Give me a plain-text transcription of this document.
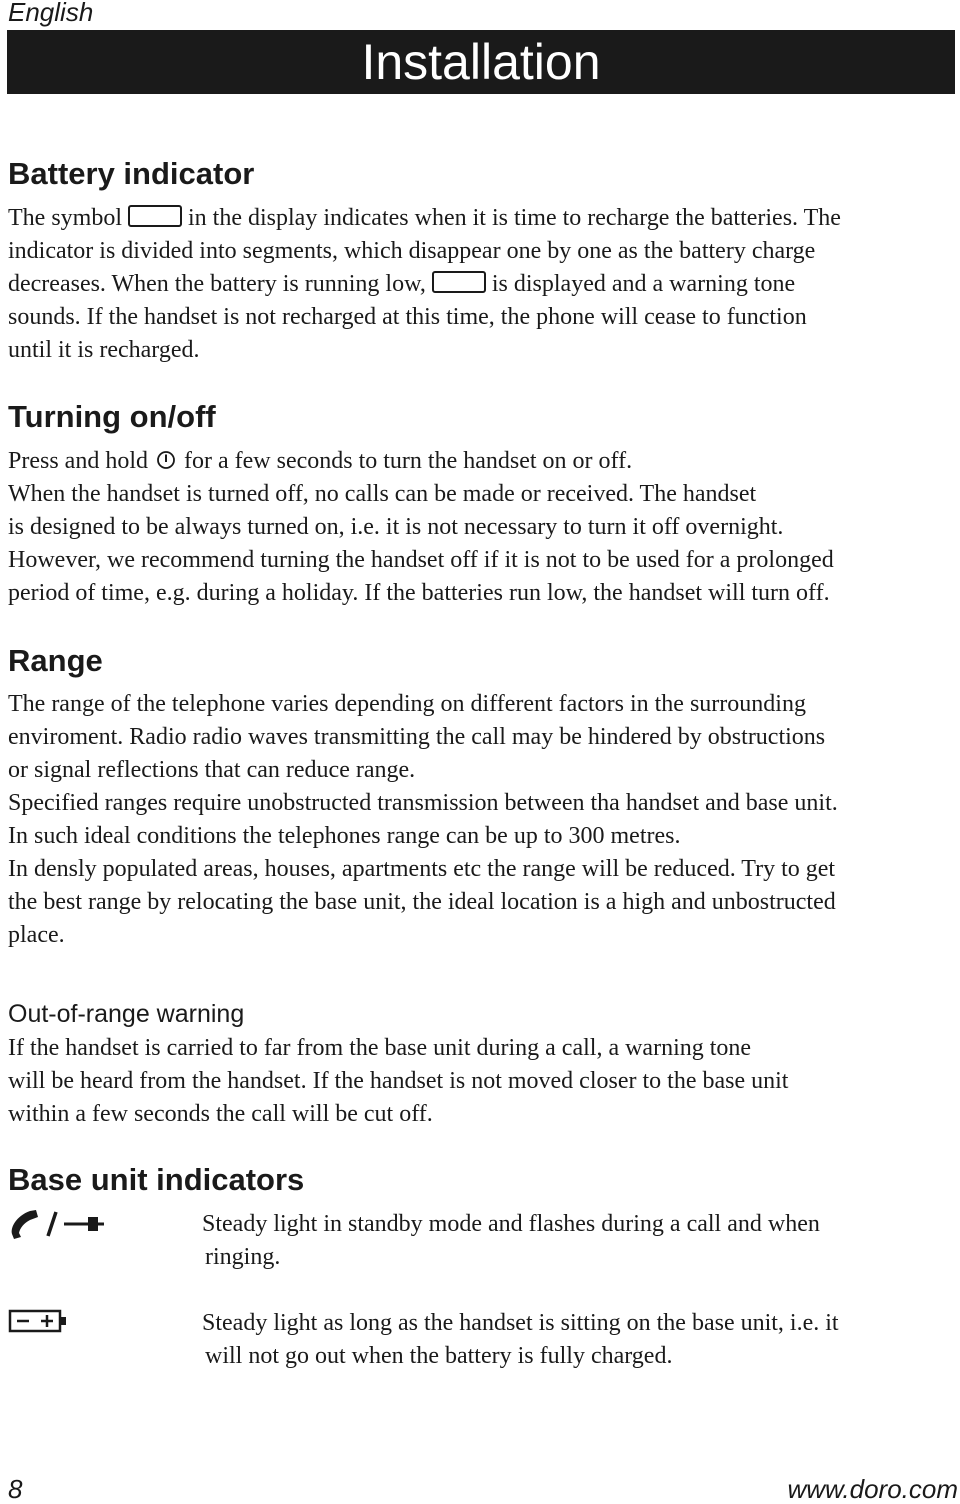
English
Installation
Battery indicator
The symbol	in the display indicates when it is time to recharge the batteries. The
indicator is divided into segments, which disappear one by one as the battery charge
decreases. When the battery is running low,	is displayed and a warning tone
sounds. If the handset is not recharged at this time, the phone will cease to function
until it is recharged.
Turning on/off
Press and hold for a few seconds to turn the handset on or off.
When the handset is turned off, no calls can be made or received. The handset
is designed to be always turned on, i.e. it is not necessary to turn it off overnight.
However, we recommend turning the handset off if it is not to be used for a prolonged
period of time, e.g. during a holiday. If the batteries run low, the handset will turn off.
Range
The range of the telephone varies depending on different factors in the surrounding
enviroment. Radio radio waves transmitting the call may be hindered by obstructions
or signal reflections that can reduce range.
Specified ranges require unobstructed transmission between tha handset and base unit.
In such ideal conditions the telephones range can be up to 300 metres.
In densly populated areas, houses, apartments etc the range will be reduced. Try to get
the best range by relocating the base unit, the ideal location is a high and unbostructed
place.
Out-of-range warning
If the handset is carried to far from the base unit during a call, a warning tone
will be heard from the handset. If the handset is not moved closer to the base unit
within a few seconds the call will be cut off.
Base unit indicators
Steady light in standby mode and flashes during a call and when
ringing.
Steady light as long as the handset is sitting on the base unit, i.e. it
will not go out when the battery is fully charged.
8	www.doro.com
